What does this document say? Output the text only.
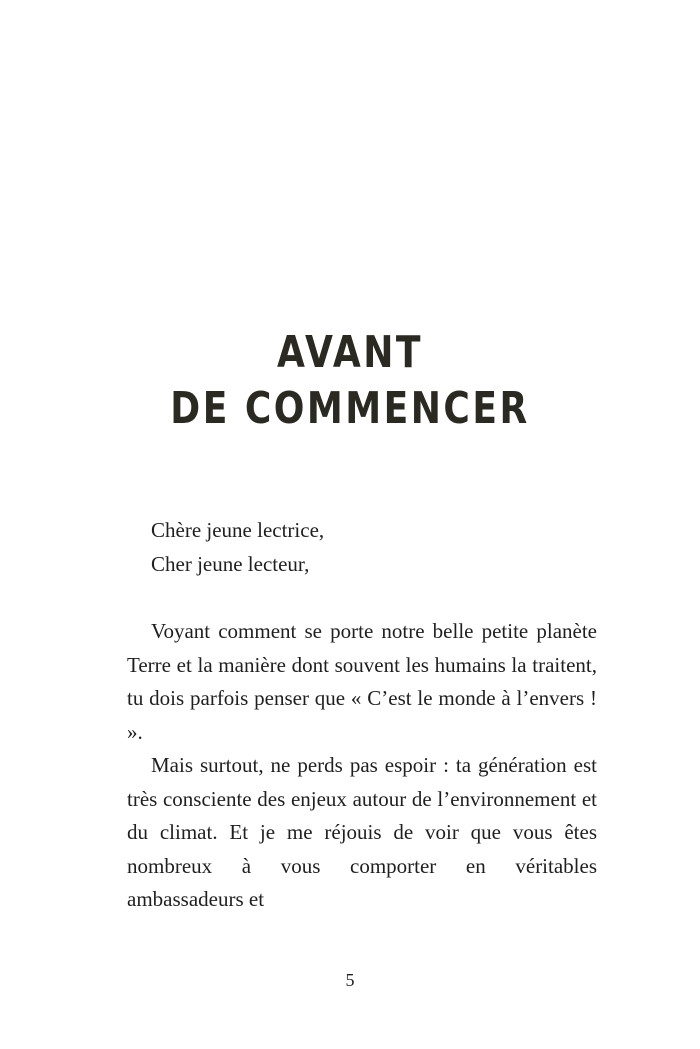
AVANT
DE COMMENCER

Chère jeune lectrice,

Cher jeune lecteur,

Voyant comment se porte notre belle petite planète Terre et la manière dont souvent les humains la traitent, tu dois parfois penser que « C’est le monde à l’envers ! ».

Mais surtout, ne perds pas espoir : ta génération est très consciente des enjeux autour de l’environnement et du climat. Et je me réjouis de voir que vous êtes nombreux à vous comporter en véritables ambassadeurs et

5
